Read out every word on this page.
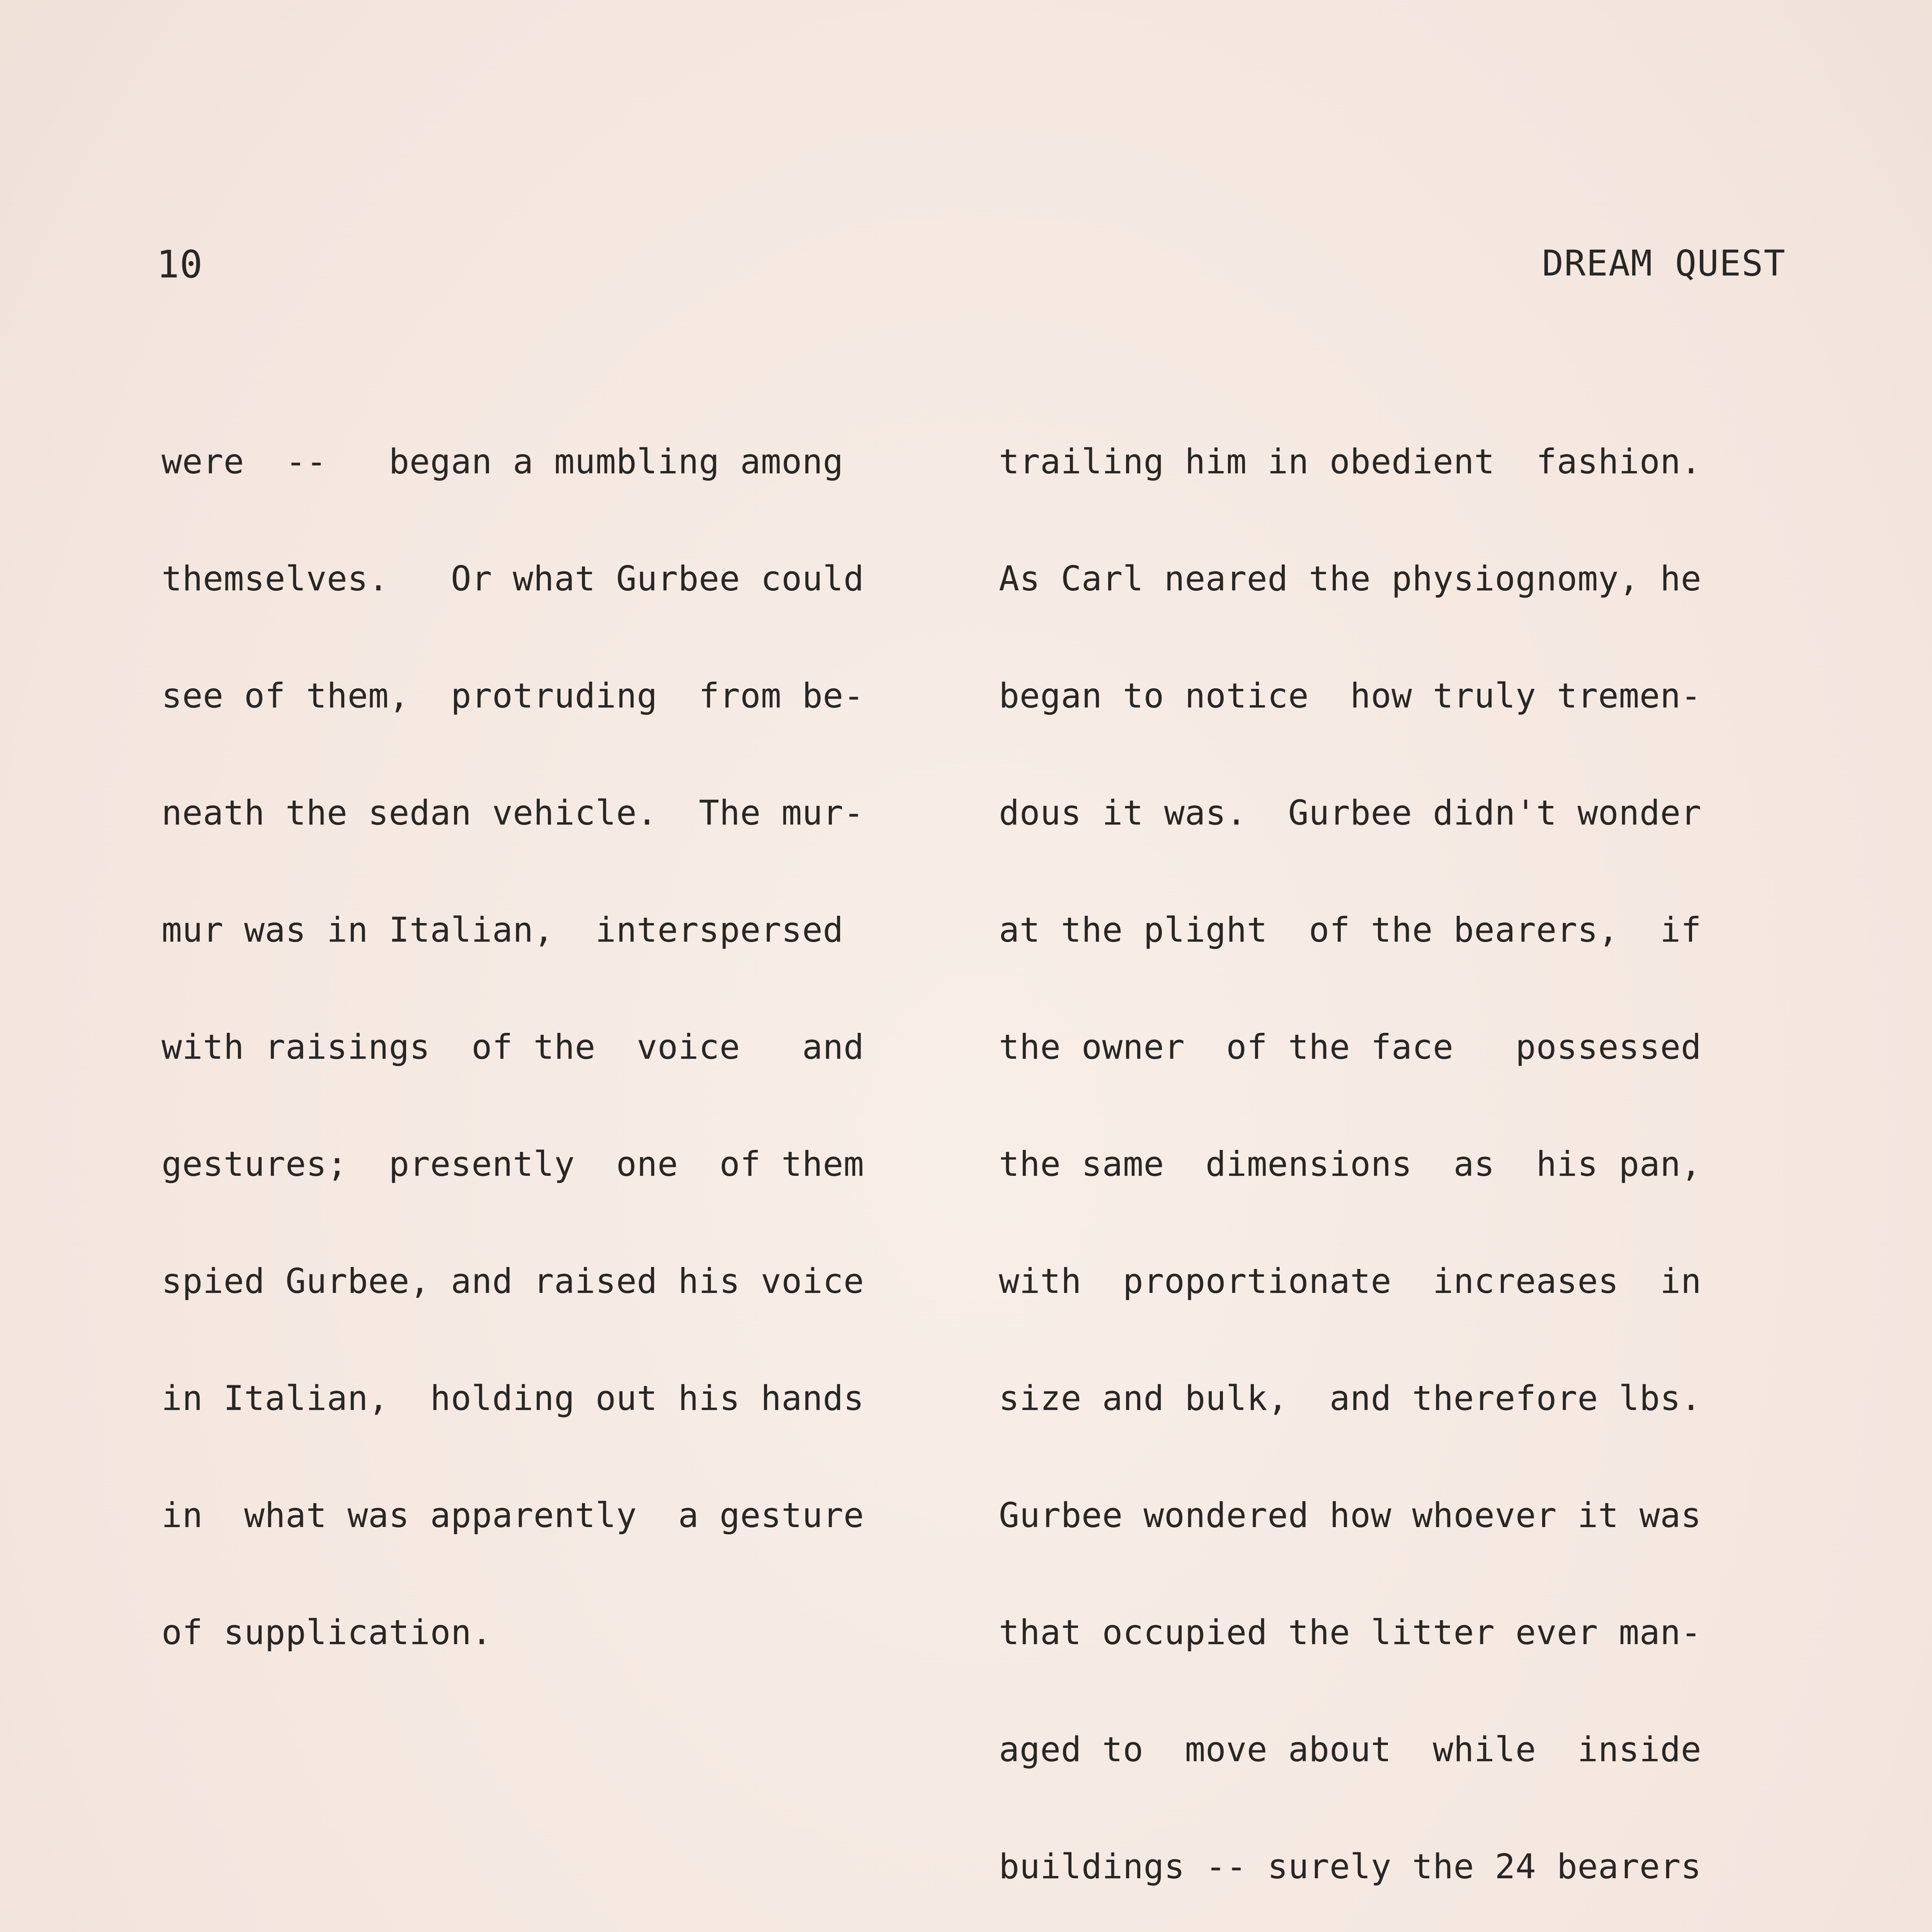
10	DREAM QUEST

were  --   began a mumbling among

themselves.   Or what Gurbee could

see of them,  protruding  from be-

neath the sedan vehicle.  The mur-

mur was in Italian,  interspersed

with raisings  of the  voice   and

gestures;  presently  one  of them

spied Gurbee, and raised his voice

in Italian,  holding out his hands

in  what was apparently  a gesture

of supplication.

trailing him in obedient  fashion.

As Carl neared the physiognomy, he

began to notice  how truly tremen-

dous it was.  Gurbee didn't wonder

at the plight  of the bearers,  if

the owner  of the face   possessed

the same  dimensions  as  his pan,

with  proportionate  increases  in

size and bulk,  and therefore lbs.

Gurbee wondered how whoever it was

that occupied the litter ever man-

aged to  move about  while  inside

buildings -- surely the 24 bearers
